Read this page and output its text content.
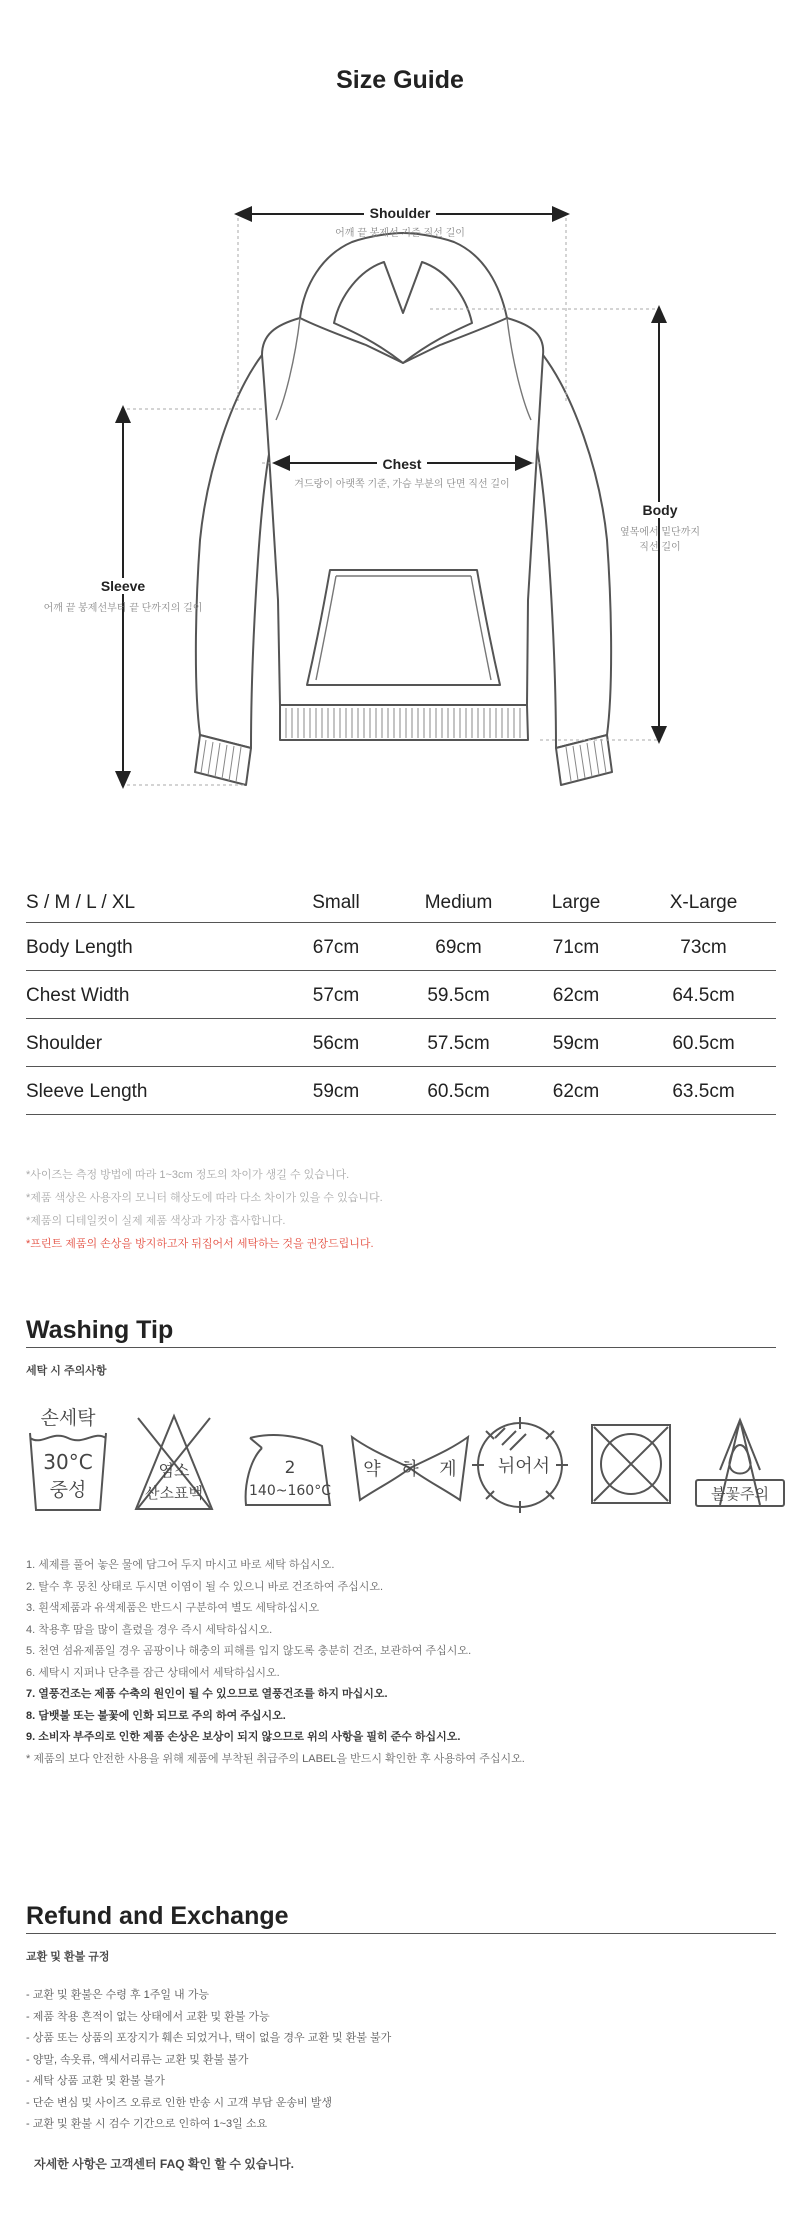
Size Guide
Shoulder
어깨 끝 봉제선 기준 직선 길이
Chest
겨드랑이 아랫쪽 기준, 가슴 부분의 단면 직선 길이
Body
옆목에서 밑단까지
직선 길이
Sleeve
어깨 끝 봉제선부터 끝 단까지의 길이
S / M / L / XL	Small	Medium	Large	X-Large
Body Length	67cm	69cm	71cm	73cm
Chest Width	57cm	59.5cm	62cm	64.5cm
Shoulder	56cm	57.5cm	59cm	60.5cm
Sleeve Length	59cm	60.5cm	62cm	63.5cm
*사이즈는 측정 방법에 따라 1~3cm 정도의 차이가 생길 수 있습니다.
*제품 색상은 사용자의 모니터 해상도에 따라 다소 차이가 있을 수 있습니다.
*제품의 디테일컷이 실제 제품 색상과 가장 흡사합니다.
*프린트 제품의 손상을 방지하고자 뒤집어서 세탁하는 것을 권장드립니다.
Washing Tip
세탁 시 주의사항
손세탁
30°C
중성
염소
산소표백
2
140~160°C
약 하 게 뉘어서
불꽃주의
1. 세제를 풀어 놓은 물에 담그어 두지 마시고 바로 세탁 하십시오.
2. 탈수 후 뭉친 상태로 두시면 이염이 될 수 있으니 바로 건조하여 주십시오.
3. 흰색제품과 유색제품은 반드시 구분하여 별도 세탁하십시오
4. 착용후 땀을 많이 흘렸을 경우 즉시 세탁하십시오.
5. 천연 섬유제품일 경우 곰팡이나 해충의 피해를 입지 않도록 충분히 건조, 보관하여 주십시오.
6. 세탁시 지퍼나 단추를 잠근 상태에서 세탁하십시오.
7. 열풍건조는 제품 수축의 원인이 될 수 있으므로 열풍건조를 하지 마십시오.
8. 담뱃불 또는 불꽃에 인화 되므로 주의 하여 주십시오.
9. 소비자 부주의로 인한 제품 손상은 보상이 되지 않으므로 위의 사항을 필히 준수 하십시오.
* 제품의 보다 안전한 사용을 위해 제품에 부착된 취급주의 LABEL을 반드시 확인한 후 사용하여 주십시오.
Refund and Exchange
교환 및 환불 규정
- 교환 및 환불은 수령 후 1주일 내 가능
- 제품 착용 흔적이 없는 상태에서 교환 및 환불 가능
- 상품 또는 상품의 포장지가 훼손 되었거나, 택이 없을 경우 교환 및 환불 불가
- 양말, 속옷류, 액세서리류는 교환 및 환불 불가
- 세탁 상품 교환 및 환불 불가
- 단순 변심 및 사이즈 오류로 인한 반송 시 고객 부담 운송비 발생
- 교환 및 환불 시 검수 기간으로 인하여 1~3일 소요
자세한 사항은 고객센터 FAQ 확인 할 수 있습니다.
